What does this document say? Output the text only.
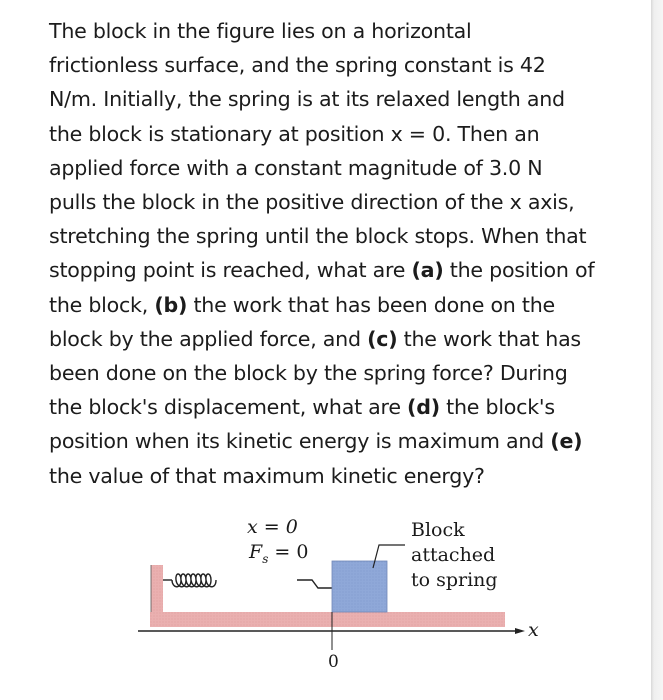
The block in the figure lies on a horizontal
frictionless surface, and the spring constant is 42
N/m. Initially, the spring is at its relaxed length and
the block is stationary at position x = 0. Then an
applied force with a constant magnitude of 3.0 N
pulls the block in the positive direction of the x axis,
stretching the spring until the block stops. When that
stopping point is reached, what are (a) the position of
the block, (b) the work that has been done on the
block by the applied force, and (c) the work that has
been done on the block by the spring force? During
the block's displacement, what are (d) the block's
position when its kinetic energy is maximum and (e)
the value of that maximum kinetic energy?
x = 0
$F_s = 0$
Block
attached
to spring
x
0
